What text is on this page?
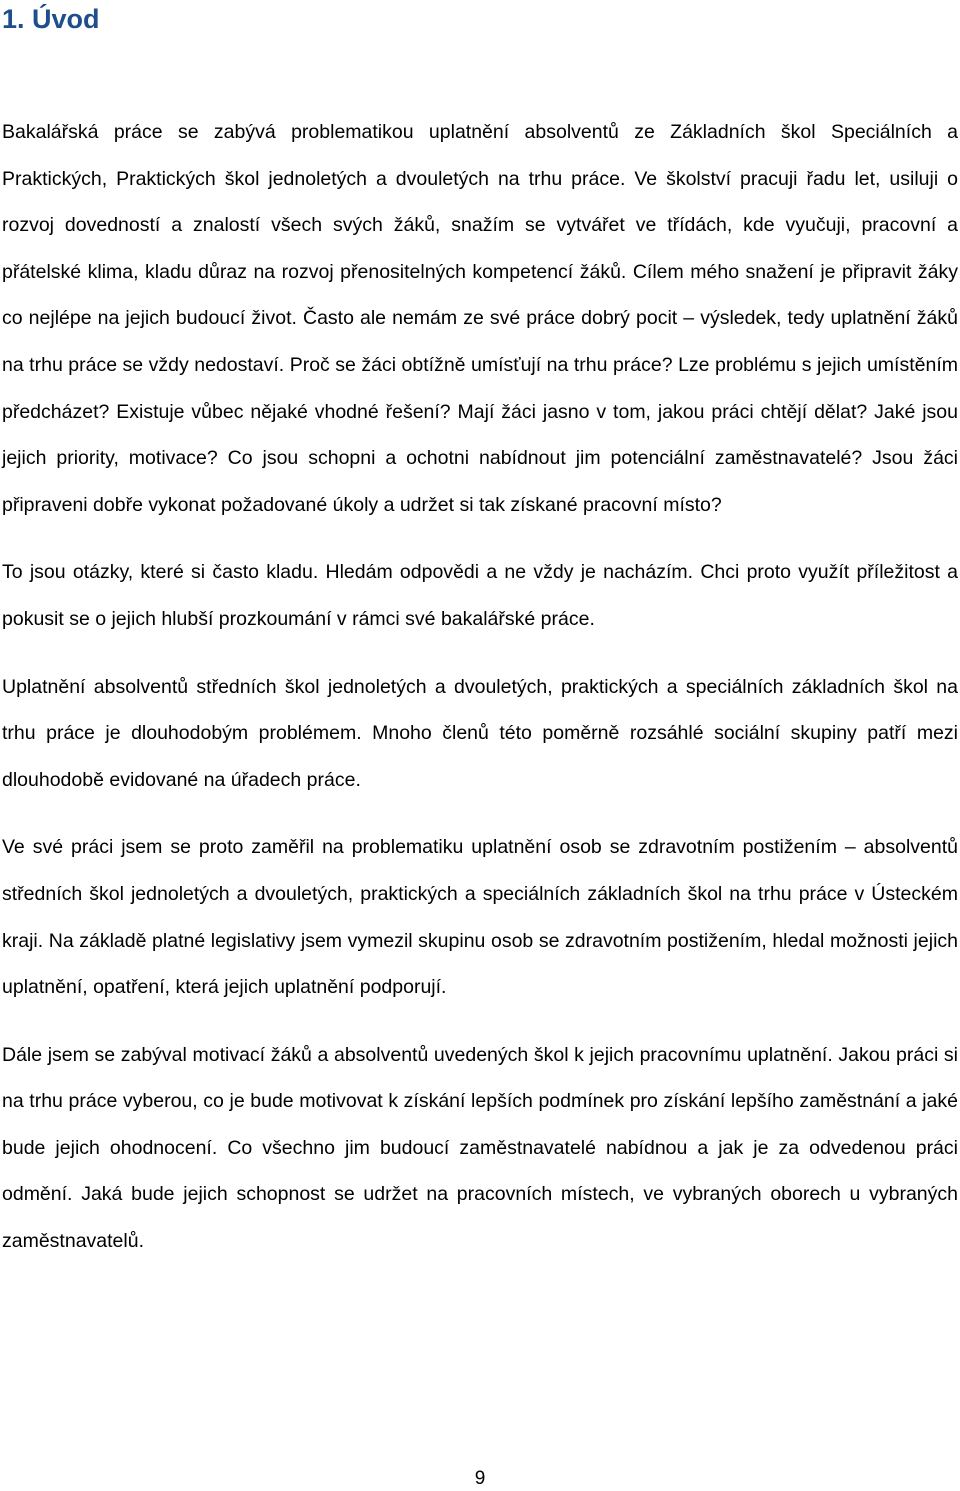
1. Úvod

Bakalářská práce se zabývá problematikou uplatnění absolventů ze Základních škol Speciálních a Praktických, Praktických škol jednoletých a dvouletých na trhu práce. Ve školství pracuji řadu let, usiluji o rozvoj dovedností a znalostí všech svých žáků, snažím se vytvářet ve třídách, kde vyučuji, pracovní a přátelské klima, kladu důraz na rozvoj přenositelných kompetencí žáků. Cílem mého snažení je připravit žáky co nejlépe na jejich budoucí život. Často ale nemám ze své práce dobrý pocit – výsledek, tedy uplatnění žáků na trhu práce se vždy nedostaví. Proč se žáci obtížně umísťují na trhu práce? Lze problému s jejich umístěním předcházet? Existuje vůbec nějaké vhodné řešení? Mají žáci jasno v tom, jakou práci chtějí dělat? Jaké jsou jejich priority, motivace? Co jsou schopni a ochotni nabídnout jim potenciální zaměstnavatelé? Jsou žáci připraveni dobře vykonat požadované úkoly a udržet si tak získané pracovní místo?

To jsou otázky, které si často kladu. Hledám odpovědi a ne vždy je nacházím. Chci proto využít příležitost a pokusit se o jejich hlubší prozkoumání v rámci své bakalářské práce.

Uplatnění absolventů středních škol jednoletých a dvouletých, praktických a speciálních základních škol na trhu práce je dlouhodobým problémem. Mnoho členů této poměrně rozsáhlé sociální skupiny patří mezi dlouhodobě evidované na úřadech práce.

Ve své práci jsem se proto zaměřil na problematiku uplatnění osob se zdravotním postižením – absolventů středních škol jednoletých a dvouletých, praktických a speciálních základních škol na trhu práce v Ústeckém kraji. Na základě platné legislativy jsem vymezil skupinu osob se zdravotním postižením, hledal možnosti jejich uplatnění, opatření, která jejich uplatnění podporují.

Dále jsem se zabýval motivací žáků a absolventů uvedených škol k jejich pracovnímu uplatnění. Jakou práci si na trhu práce vyberou, co je bude motivovat k získání lepších podmínek pro získání lepšího zaměstnání a jaké bude jejich ohodnocení. Co všechno jim budoucí zaměstnavatelé nabídnou a jak je za odvedenou práci odmění. Jaká bude jejich schopnost se udržet na pracovních místech, ve vybraných oborech u vybraných zaměstnavatelů.

9
